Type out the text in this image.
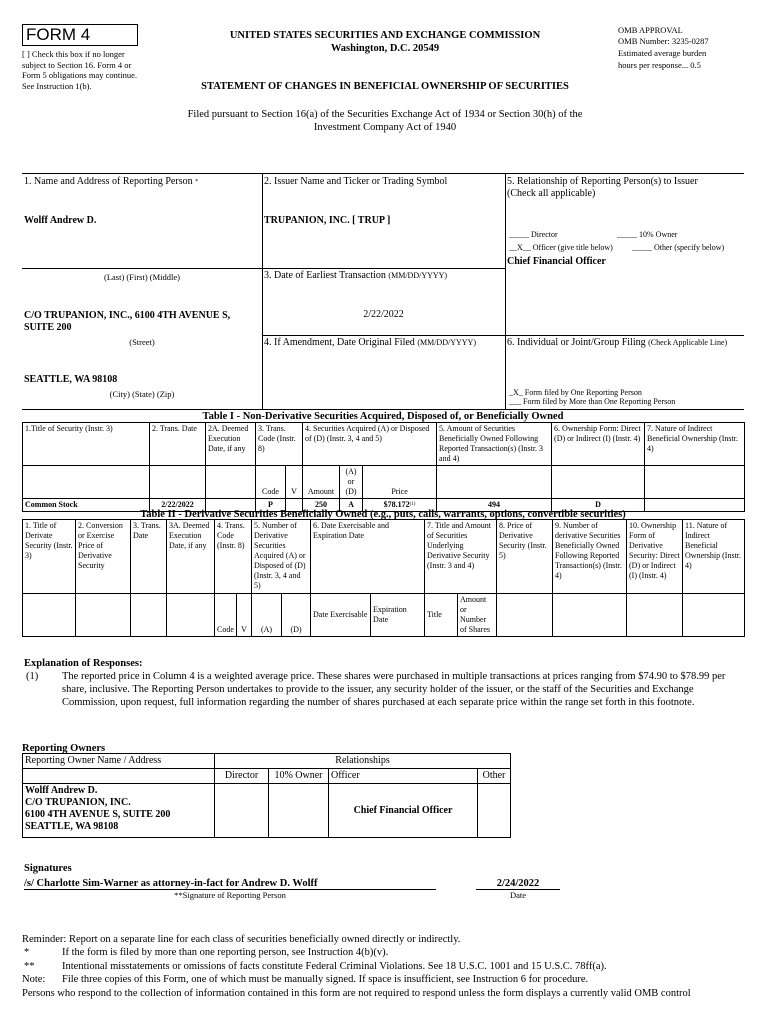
FORM 4
[ ] Check this box if no longer subject to Section 16. Form 4 or Form 5 obligations may continue. See Instruction 1(b).
UNITED STATES SECURITIES AND EXCHANGE COMMISSION
Washington, D.C. 20549
STATEMENT OF CHANGES IN BENEFICIAL OWNERSHIP OF SECURITIES
OMB APPROVAL
OMB Number: 3235-0287
Estimated average burden
hours per response... 0.5
Filed pursuant to Section 16(a) of the Securities Exchange Act of 1934 or Section 30(h) of the
Investment Company Act of 1940
1. Name and Address of Reporting Person *
Wolff Andrew D.
(Last) (First) (Middle)
C/O TRUPANION, INC., 6100 4TH AVENUE S, SUITE 200
(Street)
SEATTLE, WA 98108
(City) (State) (Zip)
2. Issuer Name and Ticker or Trading Symbol
TRUPANION, INC. [ TRUP ]
3. Date of Earliest Transaction (MM/DD/YYYY)
2/22/2022
4. If Amendment, Date Original Filed (MM/DD/YYYY)
5. Relationship of Reporting Person(s) to Issuer
(Check all applicable)
_____ Director	_____ 10% Owner
__X__ Officer (give title below) _____ Other (specify below)
Chief Financial Officer
6. Individual or Joint/Group Filing (Check Applicable Line)
_X_ Form filed by One Reporting Person
___ Form filed by More than One Reporting Person
Table I - Non-Derivative Securities Acquired, Disposed of, or Beneficially Owned
1.Title of Security (Instr. 3)	2. Trans. Date	2A. Deemed Execution Date, if any	3. Trans. Code (Instr. 8)		4. Securities Acquired (A) or Disposed of (D) (Instr. 3, 4 and 5)			5. Amount of Securities Beneficially Owned Following Reported Transaction(s) (Instr. 3 and 4)	6. Ownership Form: Direct (D) or Indirect (I) (Instr. 4)	7. Nature of Indirect Beneficial Ownership (Instr. 4)
			Code	V	Amount	(A) or (D)	Price			
Common Stock	2/22/2022		P		250	A	$78.172$^{(1)}$	494	D	
Table II - Derivative Securities Beneficially Owned (e.g., puts, calls, warrants, options, convertible securities)
1. Title of Derivate Security (Instr. 3)	2. Conversion or Exercise Price of Derivative Security	3. Trans. Date	3A. Deemed Execution Date, if any	4. Trans. Code (Instr. 8)		5. Number of Derivative Securities Acquired (A) or Disposed of (D) (Instr. 3, 4 and 5)		6. Date Exercisable and Expiration Date		7. Title and Amount of Securities Underlying Derivative Security (Instr. 3 and 4)		8. Price of Derivative Security (Instr. 5)	9. Number of derivative Securities Beneficially Owned Following Reported Transaction(s) (Instr. 4)	10. Ownership Form of Derivative Security: Direct (D) or Indirect (I) (Instr. 4)	11. Nature of Indirect Beneficial Ownership (Instr. 4)
				Code	V	(A)	(D)	Date Exercisable	Expiration Date	Title	Amount or Number of Shares				
Explanation of Responses:
(1) The reported price in Column 4 is a weighted average price. These shares were purchased in multiple transactions at prices ranging from $74.90 to $78.99 per share, inclusive. The Reporting Person undertakes to provide to the issuer, any security holder of the issuer, or the staff of the Securities and Exchange Commission, upon request, full information regarding the number of shares purchased at each separate price within the range set forth in this footnote.
Reporting Owners
Reporting Owner Name / Address	Relationships			
	Director	10% Owner	Officer	Other

Wolff Andrew D.
C/O TRUPANION, INC.
6100 4TH AVENUE S, SUITE 200
SEATTLE, WA 98108			Chief Financial Officer	
Signatures
/s/ Charlotte Sim-Warner as attorney-in-fact for Andrew D. Wolff
**Signature of Reporting Person
2/24/2022
Date
Reminder: Report on a separate line for each class of securities beneficially owned directly or indirectly.
*	If the form is filed by more than one reporting person, see Instruction 4(b)(v).
**	Intentional misstatements or omissions of facts constitute Federal Criminal Violations. See 18 U.S.C. 1001 and 15 U.S.C. 78ff(a).
Note: File three copies of this Form, one of which must be manually signed. If space is insufficient, see Instruction 6 for procedure.
Persons who respond to the collection of information contained in this form are not required to respond unless the form displays a currently valid OMB control
